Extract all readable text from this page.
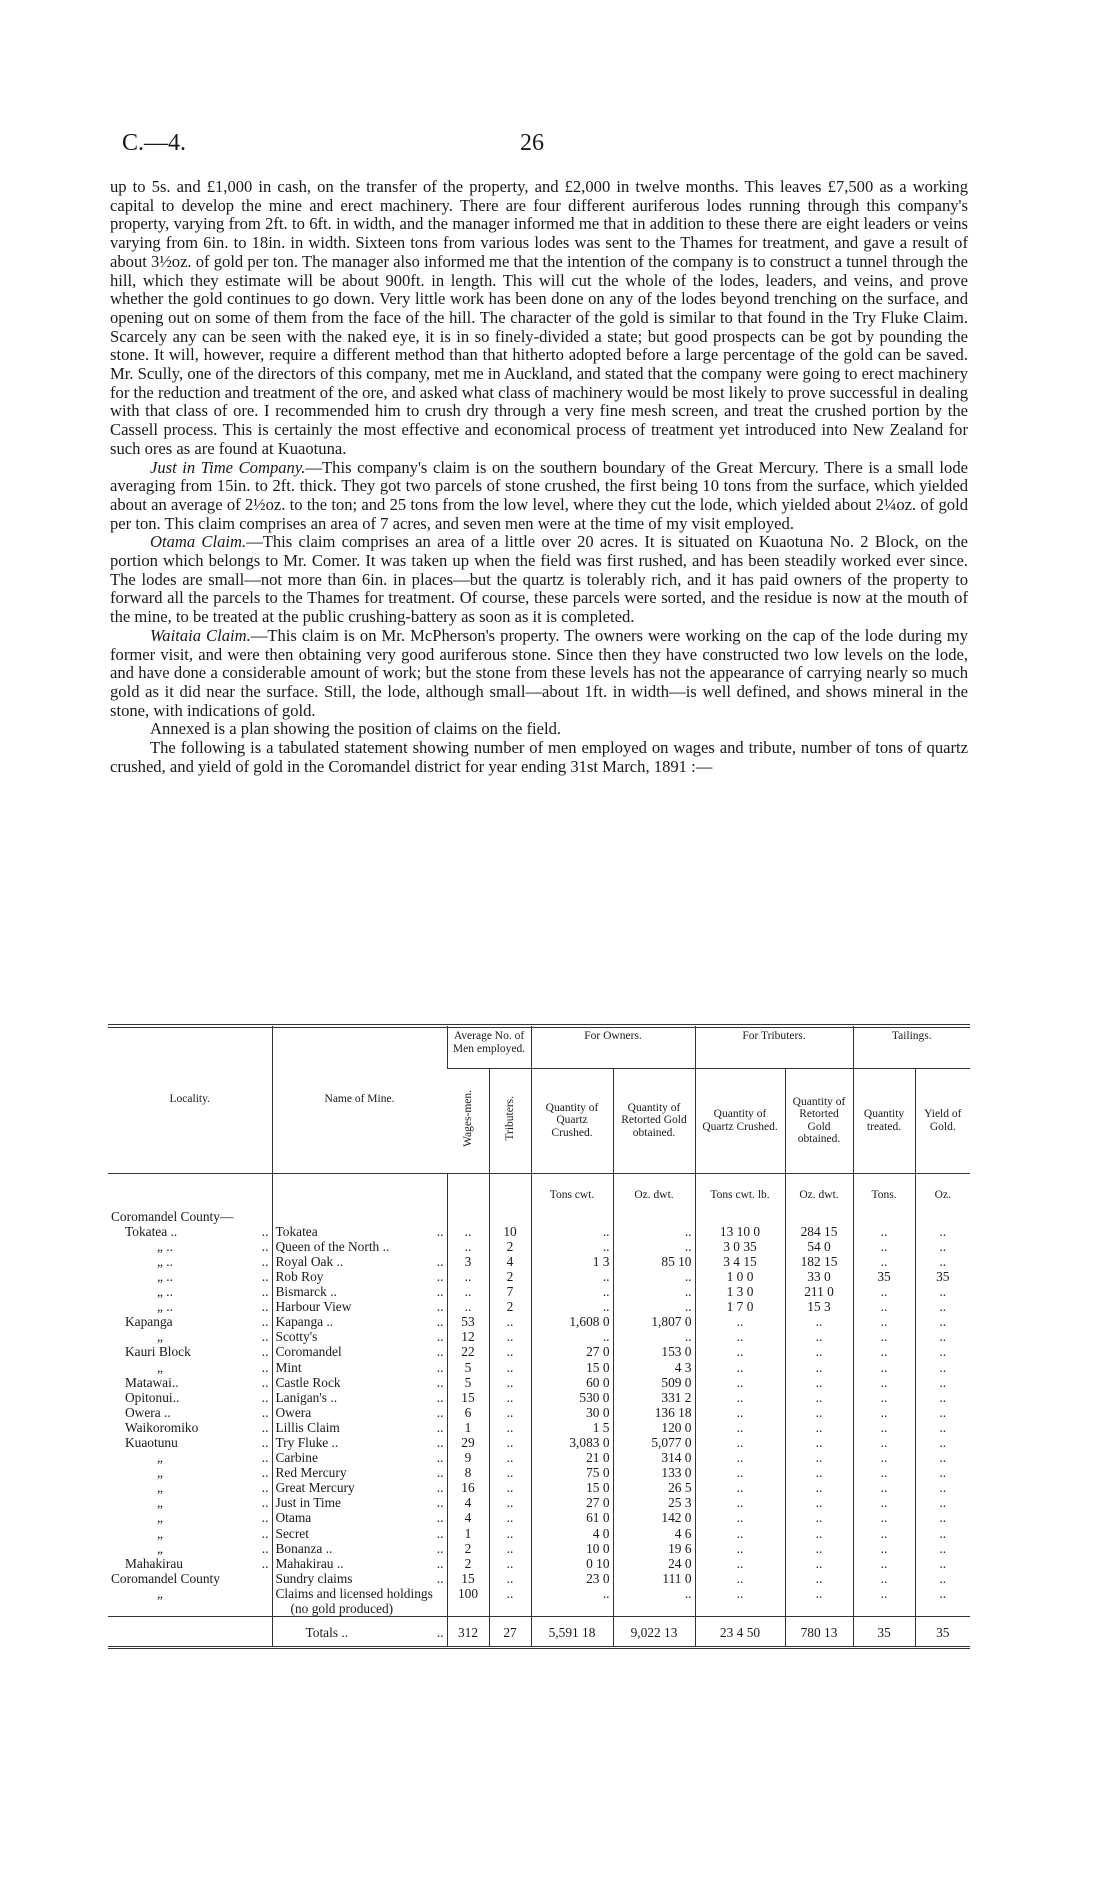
C.—4.	26

up to 5s. and £1,000 in cash, on the transfer of the property, and £2,000 in twelve months. This leaves £7,500 as a working capital to develop the mine and erect machinery. There are four different auriferous lodes running through this company's property, varying from 2ft. to 6ft. in width, and the manager informed me that in addition to these there are eight leaders or veins varying from 6in. to 18in. in width. Sixteen tons from various lodes was sent to the Thames for treatment, and gave a result of about 3½oz. of gold per ton. The manager also informed me that the intention of the company is to construct a tunnel through the hill, which they estimate will be about 900ft. in length. This will cut the whole of the lodes, leaders, and veins, and prove whether the gold continues to go down. Very little work has been done on any of the lodes beyond trenching on the surface, and opening out on some of them from the face of the hill. The character of the gold is similar to that found in the Try Fluke Claim. Scarcely any can be seen with the naked eye, it is in so finely-divided a state; but good prospects can be got by pounding the stone. It will, however, require a different method than that hitherto adopted before a large percentage of the gold can be saved. Mr. Scully, one of the directors of this company, met me in Auckland, and stated that the company were going to erect machinery for the reduction and treatment of the ore, and asked what class of machinery would be most likely to prove successful in dealing with that class of ore. I recommended him to crush dry through a very fine mesh screen, and treat the crushed portion by the Cassell process. This is certainly the most effective and economical process of treatment yet introduced into New Zealand for such ores as are found at Kuaotuna.

Just in Time Company.—This company's claim is on the southern boundary of the Great Mercury. There is a small lode averaging from 15in. to 2ft. thick. They got two parcels of stone crushed, the first being 10 tons from the surface, which yielded about an average of 2½oz. to the ton; and 25 tons from the low level, where they cut the lode, which yielded about 2¼oz. of gold per ton. This claim comprises an area of 7 acres, and seven men were at the time of my visit employed.

Otama Claim.—This claim comprises an area of a little over 20 acres. It is situated on Kuaotuna No. 2 Block, on the portion which belongs to Mr. Comer. It was taken up when the field was first rushed, and has been steadily worked ever since. The lodes are small—not more than 6in. in places—but the quartz is tolerably rich, and it has paid owners of the property to forward all the parcels to the Thames for treatment. Of course, these parcels were sorted, and the residue is now at the mouth of the mine, to be treated at the public crushing-battery as soon as it is completed.

Waitaia Claim.—This claim is on Mr. McPherson's property. The owners were working on the cap of the lode during my former visit, and were then obtaining very good auriferous stone. Since then they have constructed two low levels on the lode, and have done a considerable amount of work; but the stone from these levels has not the appearance of carrying nearly so much gold as it did near the surface. Still, the lode, although small—about 1ft. in width—is well defined, and shows mineral in the stone, with indications of gold.

Annexed is a plan showing the position of claims on the field.

The following is a tabulated statement showing number of men employed on wages and tribute, number of tons of quartz crushed, and yield of gold in the Coromandel district for year ending 31st March, 1891 :—

Locality.	Name of Mine.	Average No. of Men employed.		For Owners.		For Tributers.		Tailings.	
		Wages-men.	Tributers.	Quantity of Quartz Crushed.	Quantity of Retorted Gold obtained.	Quantity of Quartz Crushed.	Quantity of Retorted Gold obtained.	Quantity treated.	Yield of Gold.
				Tons cwt.	Oz. dwt.	Tons cwt. lb.	Oz. dwt.	Tons.	Oz.
Coromandel County—									
Tokatea .. ..	Tokatea ..	..	10	..	..	13 10 0	284 15	..	..
„ .. ..	Queen of the North ..	..	2	..	..	3 0 35	54 0	..	..
„ .. ..	Royal Oak .. ..	3	4	1 3	85 10	3 4 15	182 15	..	..
„ .. ..	Rob Roy ..	..	2	..	..	1 0 0	33 0	35	35
„ .. ..	Bismarck .. ..	..	7	..	..	1 3 0	211 0	..	..
„ .. ..	Harbour View ..	..	2	..	..	1 7 0	15 3	..	..
Kapanga ..	Kapanga .. ..	53	..	1,608 0	1,807 0	..	..	..	..
„ ..	Scotty's ..	12	..	..	..	..	..	..	..
Kauri Block ..	Coromandel ..	22	..	27 0	153 0	..	..	..	..
„ ..	Mint ..	5	..	15 0	4 3	..	..	..	..
Matawai.. ..	Castle Rock ..	5	..	60 0	509 0	..	..	..	..
Opitonui.. ..	Lanigan's .. ..	15	..	530 0	331 2	..	..	..	..
Owera .. ..	Owera ..	6	..	30 0	136 18	..	..	..	..
Waikoromiko ..	Lillis Claim ..	1	..	1 5	120 0	..	..	..	..
Kuaotunu ..	Try Fluke .. ..	29	..	3,083 0	5,077 0	..	..	..	..
„ ..	Carbine ..	9	..	21 0	314 0	..	..	..	..
„ ..	Red Mercury ..	8	..	75 0	133 0	..	..	..	..
„ ..	Great Mercury ..	16	..	15 0	26 5	..	..	..	..
„ ..	Just in Time ..	4	..	27 0	25 3	..	..	..	..
„ ..	Otama ..	4	..	61 0	142 0	..	..	..	..
„ ..	Secret ..	1	..	4 0	4 6	..	..	..	..
„ ..	Bonanza .. ..	2	..	10 0	19 6	..	..	..	..
Mahakirau ..	Mahakirau .. ..	2	..	0 10	24 0	..	..	..	..
Coromandel County	Sundry claims ..	15	..	23 0	111 0	..	..	..	..
„	Claims and licensed holdings (no gold produced)	100	..	..	..	..	..	..	..
	Totals .. ..	312	27	5,591 18	9,022 13	23 4 50	780 13	35	35
